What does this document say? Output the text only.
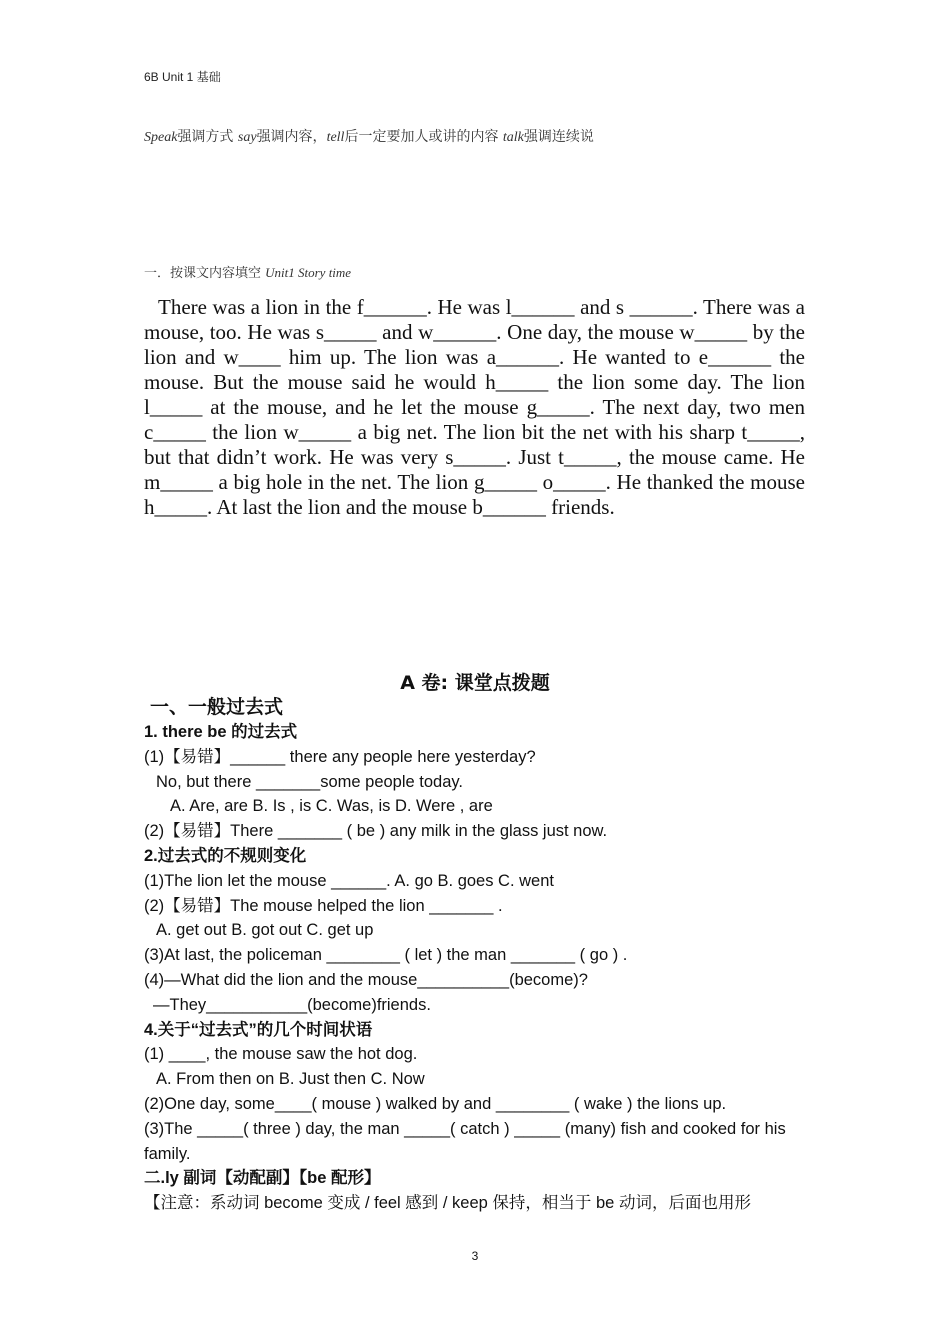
6B Unit 1 基础
Speak强调方式 say强调内容，tell后一定要加人或讲的内容 talk强调连续说
一．按课文内容填空 Unit1 Story time
There was a lion in the f______. He was l______ and s ______. There was a mouse, too. He was s_____ and w______. One day, the mouse w_____ by the lion and w____ him up. The lion was a______. He wanted to e______ the mouse. But the mouse said he would h_____ the lion some day. The lion l_____ at the mouse, and he let the mouse g_____. The next day, two men c_____ the lion w_____ a big net. The lion bit the net with his sharp t_____, but that didn’t work. He was very s_____. Just t_____, the mouse came. He m_____ a big hole in the net. The lion g_____ o_____. He thanked the mouse h_____. At last the lion and the mouse b______ friends.
A 卷: 课堂点拨题
一、一般过去式
1. there be 的过去式
(1)【易错】______ there any people here yesterday?
No, but there _______some people today.
A. Are, are B. Is , is C. Was, is D. Were , are
(2)【易错】There _______ ( be ) any milk in the glass just now.
2.过去式的不规则变化
(1)The lion let the mouse ______. A. go B. goes C. went
(2)【易错】The mouse helped the lion _______ .
A. get out B. got out C. get up
(3)At last, the policeman ________ ( let ) the man _______ ( go ) .
(4)—What did the lion and the mouse__________(become)?
—They___________(become)friends.
4.关于“过去式”的几个时间状语
(1) ____, the mouse saw the hot dog.
A. From then on B. Just then C. Now
(2)One day, some____( mouse ) walked by and ________ ( wake ) the lions up.
(3)The _____( three ) day, the man _____( catch ) _____ (many) fish and cooked for his
family.
二.ly 副词【动配副】【be 配形】
【注意：系动词 become 变成 / feel 感到 / keep 保持，相当于 be 动词，后面也用形
3
